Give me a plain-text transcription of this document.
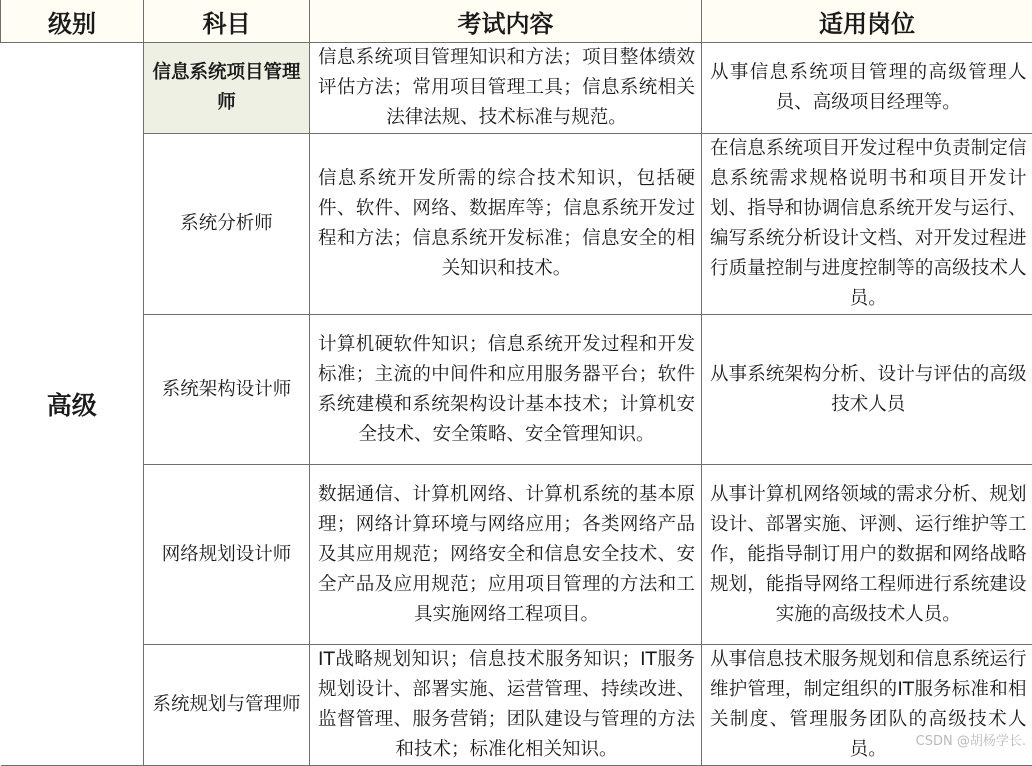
级别	科目	考试内容	适用岗位
高级	信息系统项目管理师	信息系统项目管理知识和方法；项目整体绩效评估方法；常用项目管理工具；信息系统相关法律法规、技术标准与规范。	从事信息系统项目管理的高级管理人员、高级项目经理等。
	系统分析师	信息系统开发所需的综合技术知识，包括硬件、软件、网络、数据库等；信息系统开发过程和方法；信息系统开发标准；信息安全的相关知识和技术。	在信息系统项目开发过程中负责制定信息系统需求规格说明书和项目开发计划、指导和协调信息系统开发与运行、编写系统分析设计文档、对开发过程进行质量控制与进度控制等的高级技术人员。
	系统架构设计师	计算机硬软件知识；信息系统开发过程和开发标准；主流的中间件和应用服务器平台；软件系统建模和系统架构设计基本技术；计算机安全技术、安全策略、安全管理知识。	从事系统架构分析、设计与评估的高级技术人员
	网络规划设计师	数据通信、计算机网络、计算机系统的基本原理；网络计算环境与网络应用；各类网络产品及其应用规范；网络安全和信息安全技术、安全产品及应用规范；应用项目管理的方法和工具实施网络工程项目。	从事计算机网络领域的需求分析、规划设计、部署实施、评测、运行维护等工作，能指导制订用户的数据和网络战略规划，能指导网络工程师进行系统建设实施的高级技术人员。
	系统规划与管理师	IT战略规划知识；信息技术服务知识；IT服务规划设计、部署实施、运营管理、持续改进、监督管理、服务营销；团队建设与管理的方法和技术；标准化相关知识。	从事信息技术服务规划和信息系统运行维护管理，制定组织的IT服务标准和相关制度、管理服务团队的高级技术人员。 CSDN @胡杨学长.
